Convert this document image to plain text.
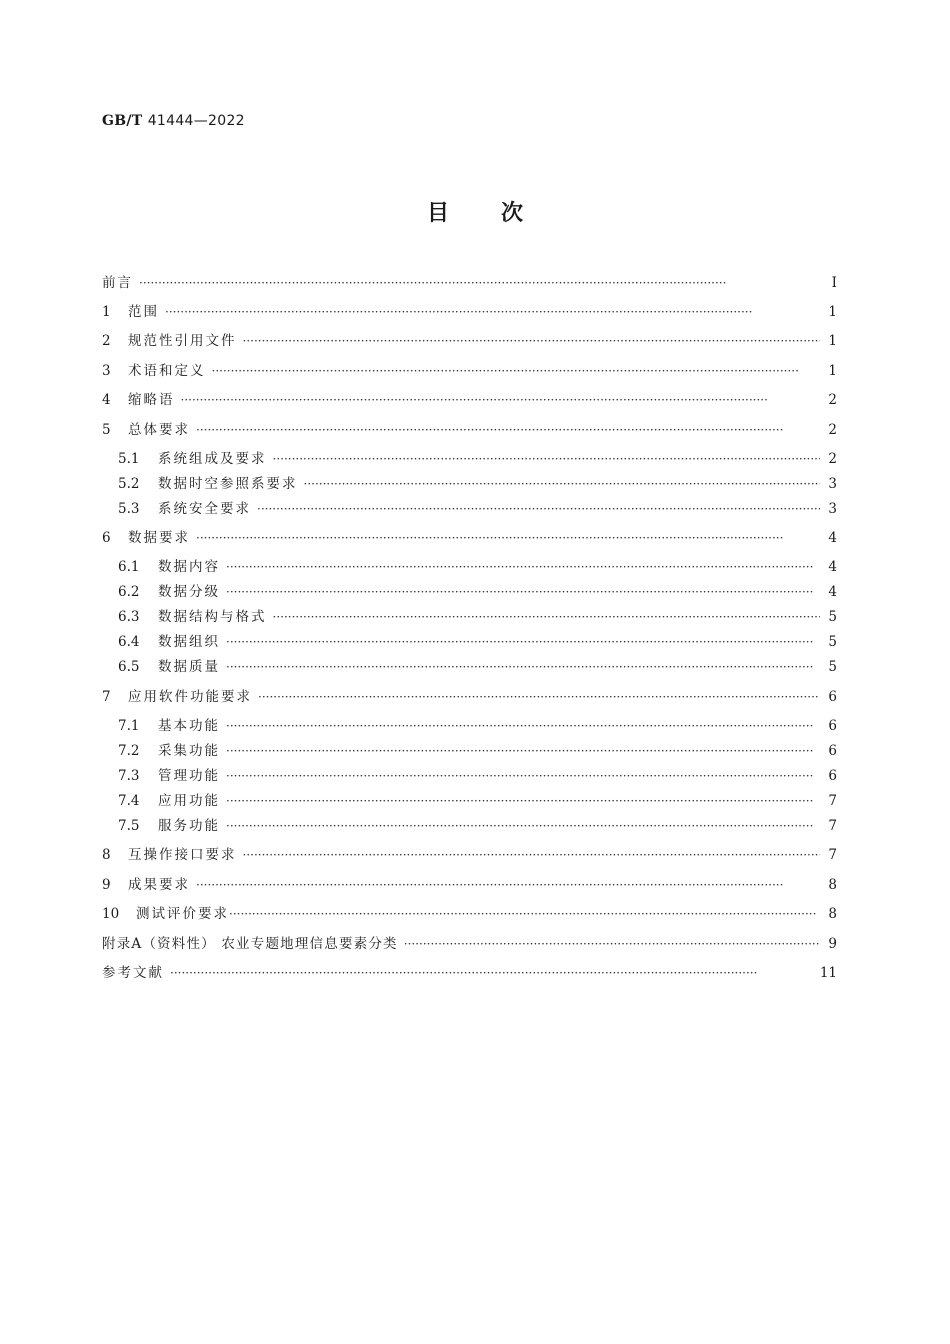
GB/T 41444—2022
目 次
前言 ·····	Ⅰ
1	范围 ·····	1
2	规范性引用文件 ·····	1
3	术语和定义 ·····	1
4	缩略语 ·····	2
5	总体要求 ·····	2
5.1	系统组成及要求 ·····	2
5.2	数据时空参照系要求 ·····	3
5.3	系统安全要求 ·····	3
6	数据要求 ·····	4
6.1	数据内容 ·····	4
6.2	数据分级 ·····	4
6.3	数据结构与格式 ·····	5
6.4	数据组织 ·····	5
6.5	数据质量 ·····	5
7	应用软件功能要求 ·····	6
7.1	基本功能 ·····	6
7.2	采集功能 ·····	6
7.3	管理功能 ·····	6
7.4	应用功能 ·····	7
7.5	服务功能 ·····	7
8	互操作接口要求 ·····	7
9	成果要求 ·····	8
10	测试评价要求 ·····	8
附录A（资料性） 农业专题地理信息要素分类 ·····	9
参考文献 ·····	11
